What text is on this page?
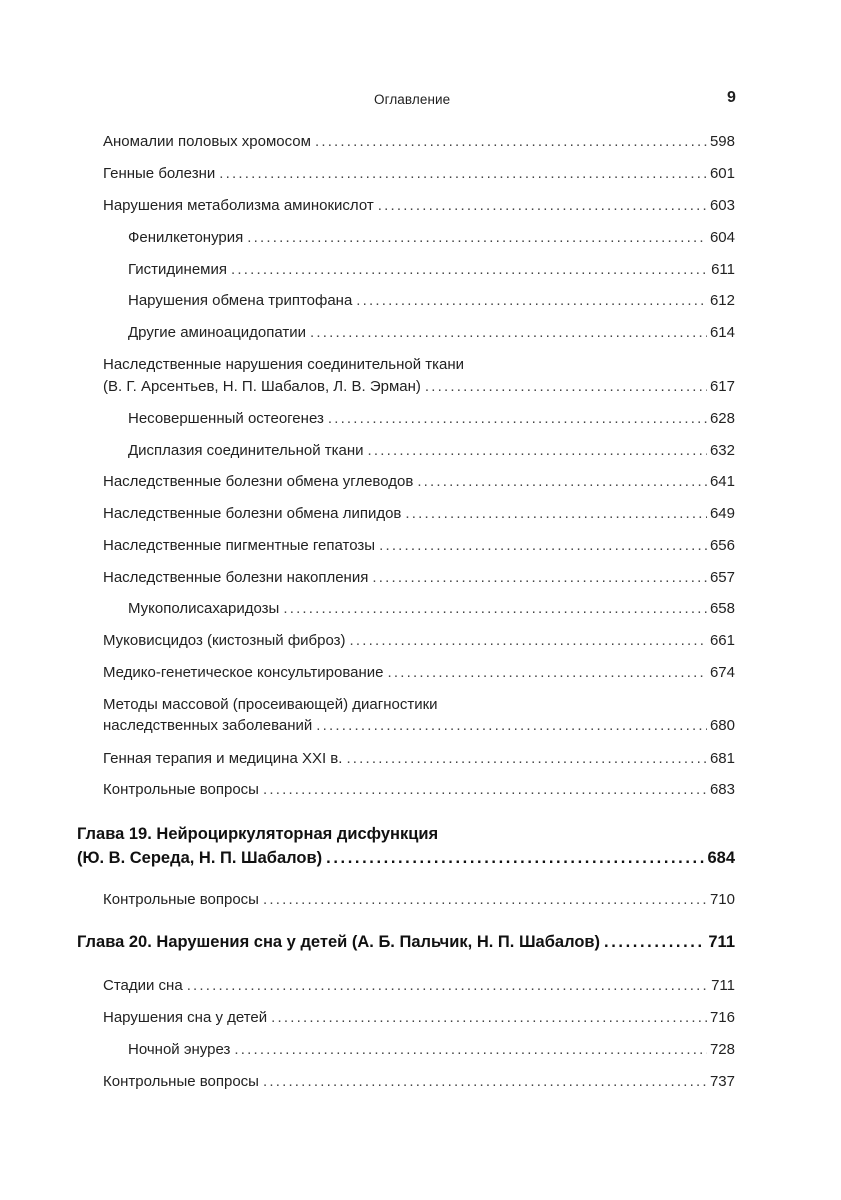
Оглавление	9
Аномалии половых хромосом .....	598
Генные болезни .....	601
Нарушения метаболизма аминокислот .....	603
Фенилкетонурия .....	604
Гистидинемия .....	611
Нарушения обмена триптофана .....	612
Другие аминоацидопатии .....	614
Наследственные нарушения соединительной ткани
(В. Г. Арсентьев, Н. П. Шабалов, Л. В. Эрман) .....	617
Несовершенный остеогенез .....	628
Дисплазия соединительной ткани .....	632
Наследственные болезни обмена углеводов .....	641
Наследственные болезни обмена липидов .....	649
Наследственные пигментные гепатозы .....	656
Наследственные болезни накопления .....	657
Мукополисахаридозы .....	658
Муковисцидоз (кистозный фиброз) .....	661
Медико-генетическое консультирование .....	674
Методы массовой (просеивающей) диагностики
наследственных заболеваний .....	680
Генная терапия и медицина XXI в. .....	681
Контрольные вопросы .....	683
Глава 19. Нейроциркуляторная дисфункция
(Ю. В. Середа, Н. П. Шабалов) .....	684
Контрольные вопросы .....	710
Глава 20. Нарушения сна у детей (А. Б. Пальчик, Н. П. Шабалов) .....	711
Стадии сна .....	711
Нарушения сна у детей .....	716
Ночной энурез .....	728
Контрольные вопросы .....	737
